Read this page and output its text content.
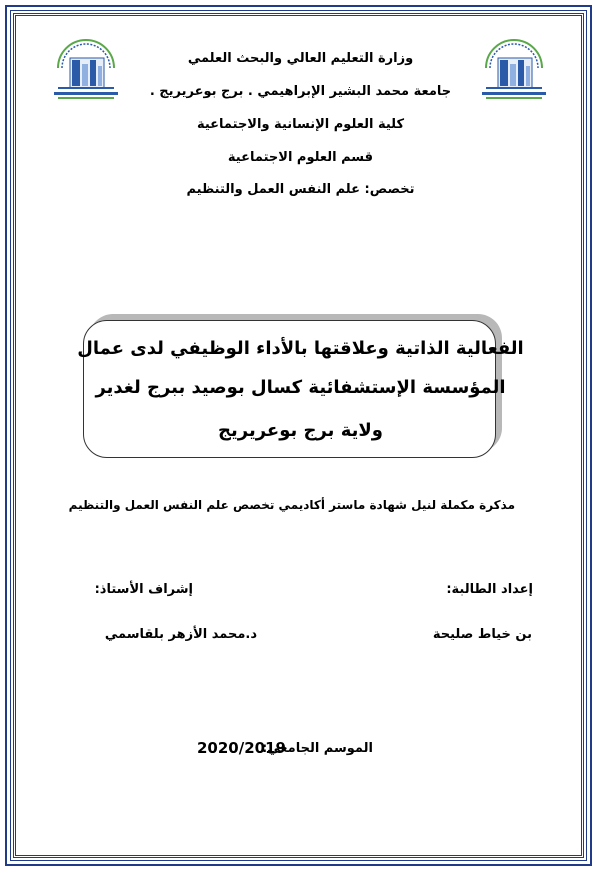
وزارة التعليم العالي والبحث العلمي
جامعة محمد البشير الإبراهيمي . برج بوعريريج .
كلية العلوم الإنسانية والاجتماعية
قسم العلوم الاجتماعية
تخصص: علم النفس العمل والتنظيم
الفعالية الذاتية وعلاقتها بالأداء الوظيفي لدى عمال
المؤسسة الإستشفائية كسال بوصيد ببرج لغدير
ولاية برج بوعريريج
مذكرة مكملة لنيل شهادة ماستر أكاديمي تخصص علم النفس العمل والتنظيم
إعداد الطالبة:
بن خياط صليحة
إشراف الأستاذ:
د.محمد الأزهر بلقاسمي
الموسم الجامعي:
2020/2019
